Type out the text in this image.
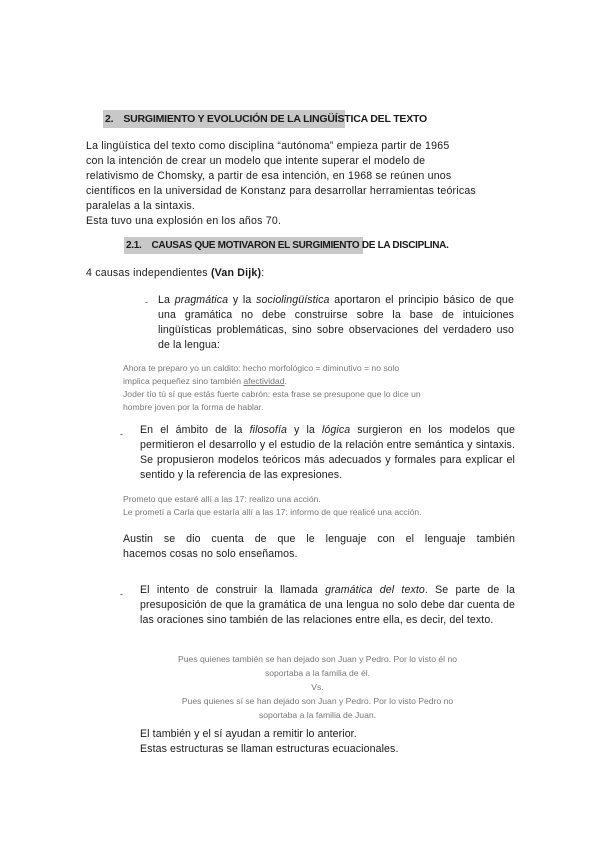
2. SURGIMIENTO Y EVOLUCIÓN DE LA LINGÜÍSTICA DEL TEXTO
La lingüística del texto como disciplina “autónoma” empieza partir de 1965
con la intención de crear un modelo que intente superar el modelo de
relativismo de Chomsky, a partir de esa intención, en 1968 se reúnen unos
científicos en la universidad de Konstanz para desarrollar herramientas teóricas
paralelas a la sintaxis.
Esta tuvo una explosión en los años 70.
2.1. CAUSAS QUE MOTIVARON EL SURGIMIENTO DE LA DISCIPLINA.
4 causas independientes (Van Dijk):
- La pragmática y la sociolingüística aportaron el principio básico de que una gramática no debe construirse sobre la base de intuiciones lingüísticas problemáticas, sino sobre observaciones del verdadero uso de la lengua:
Ahora te preparo yo un caldito: hecho morfológico = diminutivo = no solo
implica pequeñez sino también afectividad.
Joder tío tú sí que estás fuerte cabrón: esta frase se presupone que lo dice un
hombre joven por la forma de hablar.
- En el ámbito de la filosofía y la lógica surgieron en los modelos que permitieron el desarrollo y el estudio de la relación entre semántica y sintaxis. Se propusieron modelos teóricos más adecuados y formales para explicar el sentido y la referencia de las expresiones.
Prometo que estaré allí a las 17: realizo una acción.
Le prometí a Carla que estaría allí a las 17: informo de que realicé una acción.
Austin se dio cuenta de que le lenguaje con el lenguaje también
hacemos cosas no solo enseñamos.
- El intento de construir la llamada gramática del texto. Se parte de la presuposición de que la gramática de una lengua no solo debe dar cuenta de las oraciones sino también de las relaciones entre ella, es decir, del texto.
Pues quienes también se han dejado son Juan y Pedro. Por lo visto él no
soportaba a la familia de él.
Vs.
Pues quienes sí se han dejado son Juan y Pedro. Por lo visto Pedro no
soportaba a la familia de Juan.
El también y el sí ayudan a remitir lo anterior.
Estas estructuras se llaman estructuras ecuacionales.
